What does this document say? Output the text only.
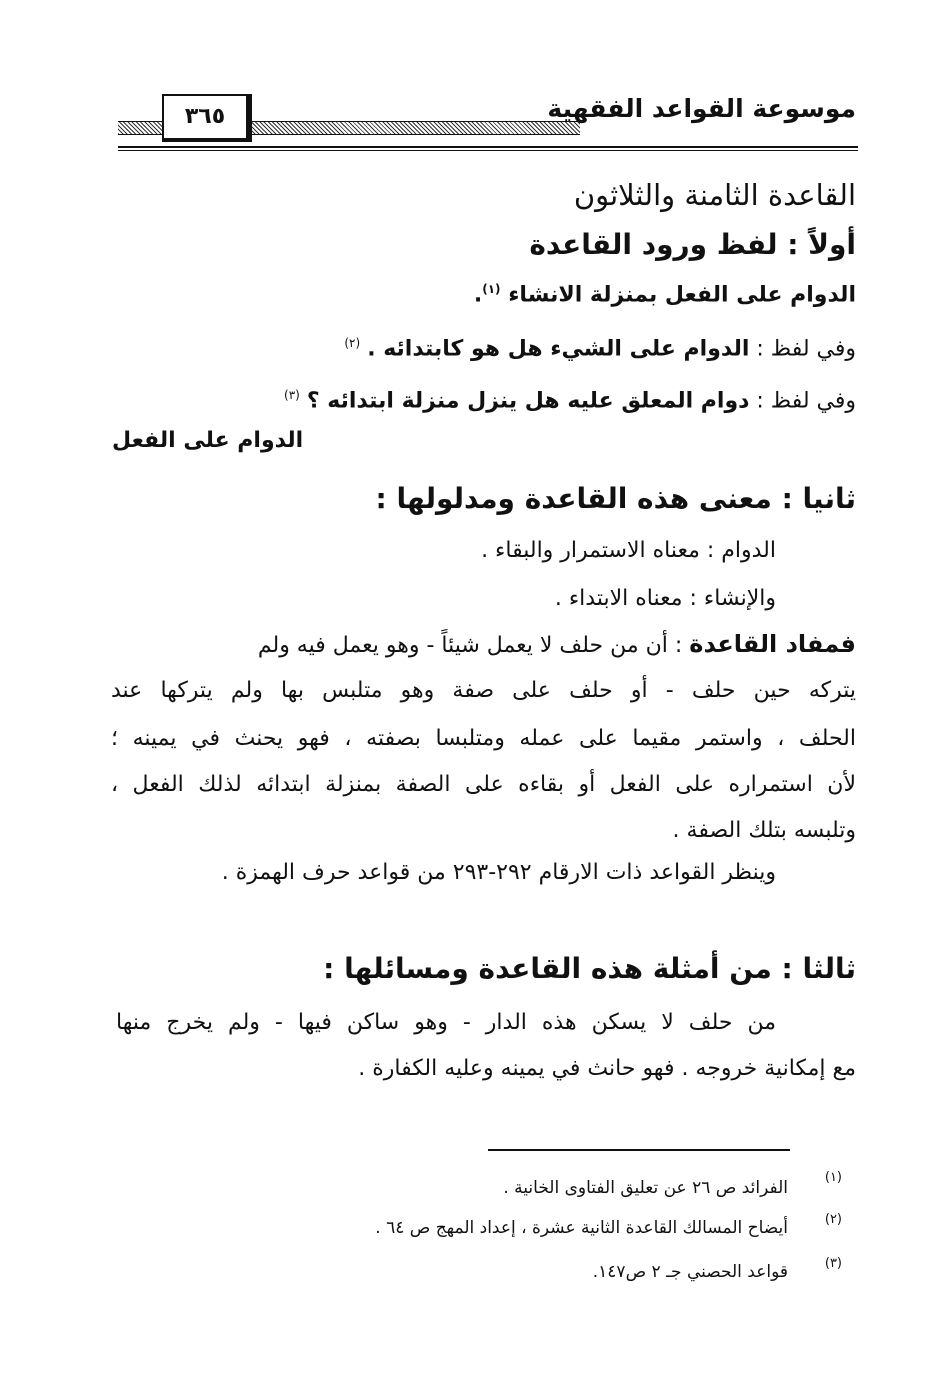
٣٦٥	موسوعة القواعد الفقهية
القاعدة الثامنة والثلاثون
أولاً : لفظ ورود القاعدة
الدوام على الفعل بمنزلة الانشاء $^{(١)}$.
وفي لفظ : الدوام على الشيء هل هو كابتدائه . $^{(٢)}$
وفي لفظ : دوام المعلق عليه هل ينزل منزلة ابتدائه ؟ $^{(٣)}$
الدوام على الفعل
ثانيا : معنى هذه القاعدة ومدلولها :
الدوام : معناه الاستمرار والبقاء .
والإنشاء : معناه الابتداء .
فمفاد القاعدة : أن من حلف لا يعمل شيئاً - وهو يعمل فيه ولم
يتركه حين حلف - أو حلف على صفة وهو متلبس بها ولم يتركها عند
الحلف ، واستمر مقيما على عمله ومتلبسا بصفته ، فهو يحنث في يمينه ؛
لأن استمراره على الفعل أو بقاءه على الصفة بمنزلة ابتدائه لذلك الفعل ،
وتلبسه بتلك الصفة .
وينظر القواعد ذات الارقام ٢٩٢-٢٩٣ من قواعد حرف الهمزة .
ثالثا : من أمثلة هذه القاعدة ومسائلها :
من حلف لا يسكن هذه الدار - وهو ساكن فيها - ولم يخرج منها
مع إمكانية خروجه . فهو حانث في يمينه وعليه الكفارة .
(١)
الفرائد ص ٢٦ عن تعليق الفتاوى الخانية .
(٢)
أيضاح المسالك القاعدة الثانية عشرة ، إعداد المهج ص ٦٤ .
(٣)
قواعد الحصني جـ ٢ ص١٤٧.
